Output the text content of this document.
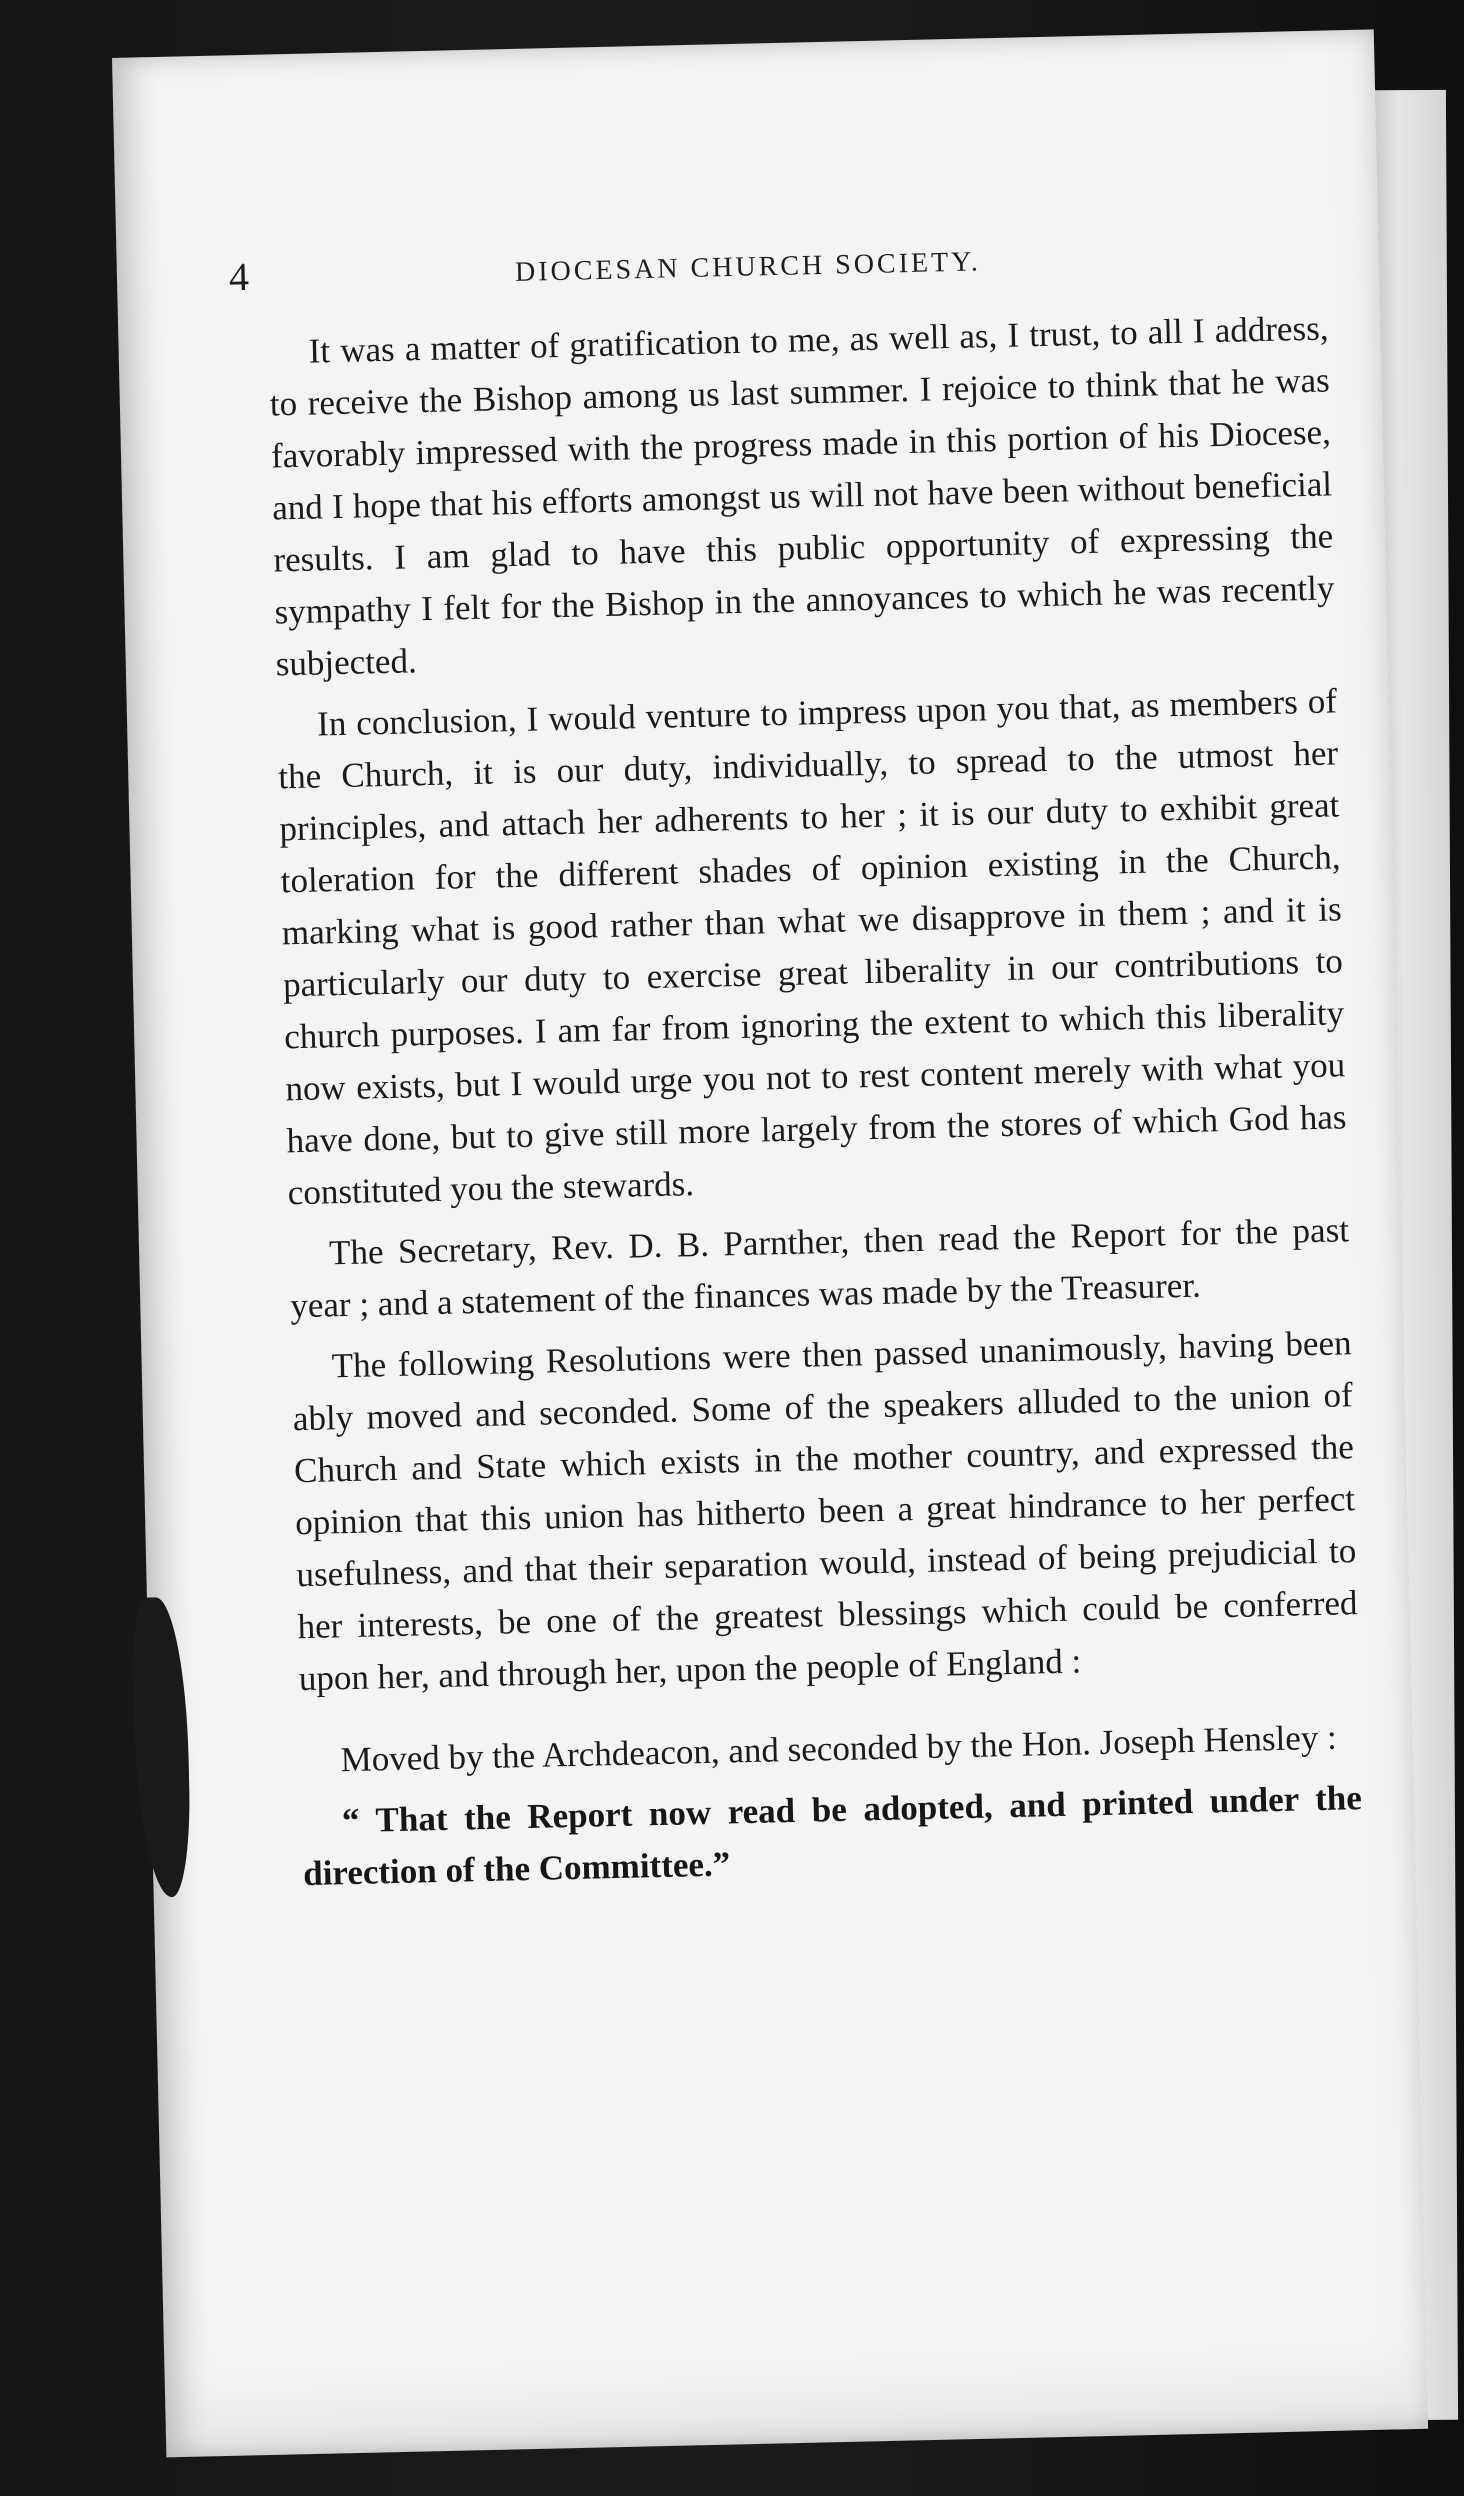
4	DIOCESAN CHURCH SOCIETY.

It was a matter of gratification to me, as well as, I trust, to all I address, to receive the Bishop among us last summer. I rejoice to think that he was favorably impressed with the progress made in this portion of his Diocese, and I hope that his efforts amongst us will not have been without beneficial results. I am glad to have this public opportunity of expressing the sympathy I felt for the Bishop in the annoyances to which he was recently subjected.

In conclusion, I would venture to impress upon you that, as members of the Church, it is our duty, individually, to spread to the utmost her principles, and attach her adherents to her ; it is our duty to exhibit great toleration for the different shades of opinion existing in the Church, marking what is good rather than what we disapprove in them ; and it is particularly our duty to exercise great liberality in our contributions to church purposes. I am far from ignoring the extent to which this liberality now exists, but I would urge you not to rest content merely with what you have done, but to give still more largely from the stores of which God has constituted you the stewards.

The Secretary, Rev. D. B. Parnther, then read the Report for the past year ; and a statement of the finances was made by the Treasurer.

The following Resolutions were then passed unanimously, having been ably moved and seconded. Some of the speakers alluded to the union of Church and State which exists in the mother country, and expressed the opinion that this union has hitherto been a great hindrance to her perfect usefulness, and that their separation would, instead of being prejudicial to her interests, be one of the greatest blessings which could be conferred upon her, and through her, upon the people of England :

Moved by the Archdeacon, and seconded by the Hon. Joseph Hensley :

“ That the Report now read be adopted, and printed under the direction of the Committee.”
